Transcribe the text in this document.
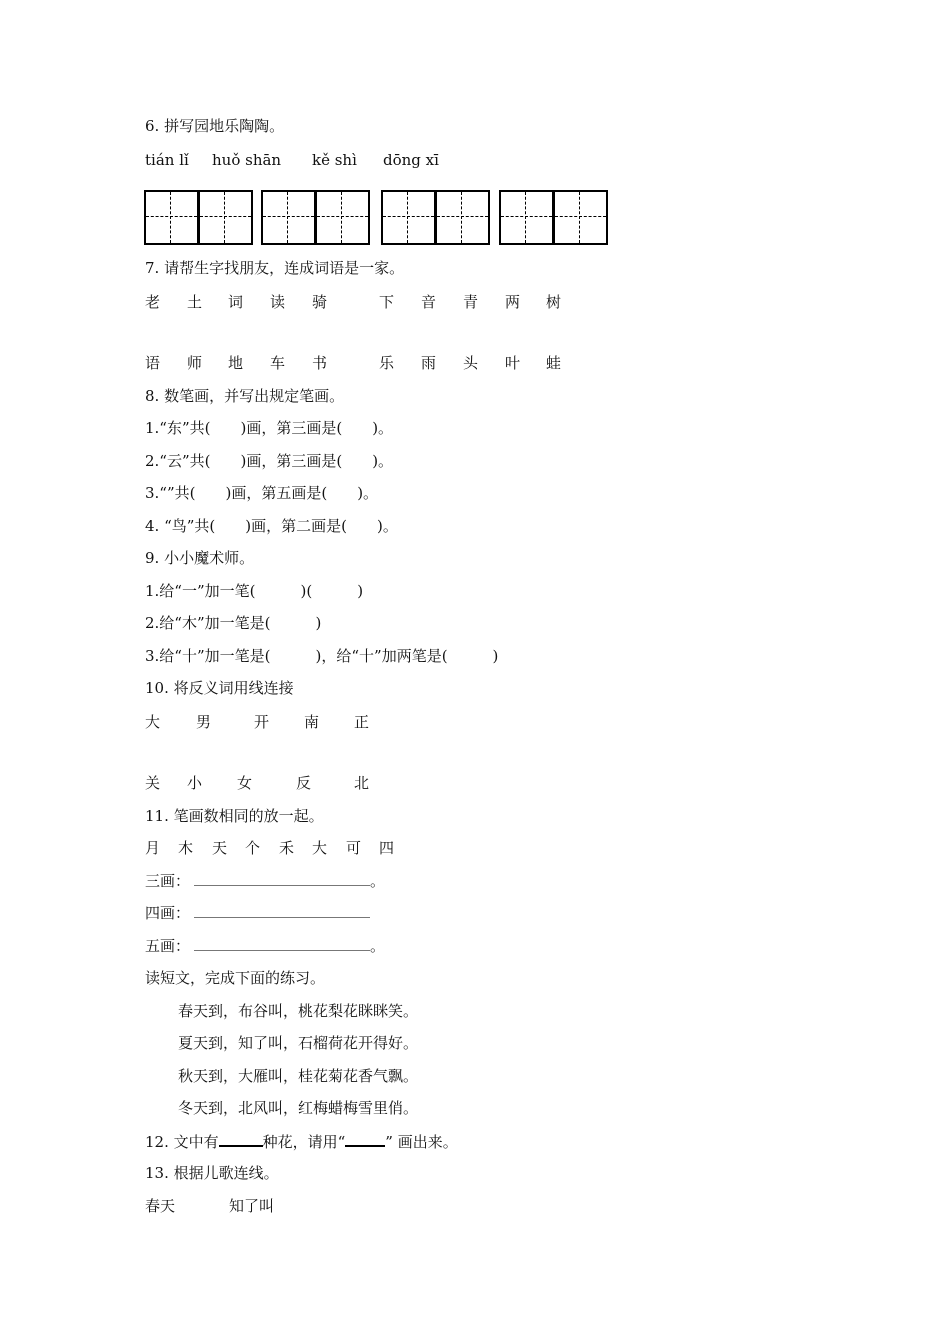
6. 拼写园地乐陶陶。
tián lǐ huǒ shān kě shì dōng xī
7. 请帮生字找朋友，连成词语是一家。
老 土 词 读 骑	下 音 青 两 树
语 师 地 车 书	乐 雨 头 叶 蛙
8. 数笔画，并写出规定笔画。
1.“东”共(　　)画，第三画是(　　)。
2.“云”共(　　)画，第三画是(　　)。
3.“”共(　　)画，第五画是(　　)。
4. “鸟”共(　　)画，第二画是(　　)。
9. 小小魔术师。
1.给“一”加一笔(　　　)(　　　)
2.给“木”加一笔是(　　　)
3.给“十”加一笔是(　　　)，给“十”加两笔是(　　　)
10. 将反义词用线连接
大 男	开 南 正
关 小 女	反	北
11. 笔画数相同的放一起。
月 木 天 个 禾 大 可 四
三画：	。
四画：
五画：	。
读短文，完成下面的练习。
春天到，布谷叫，桃花梨花眯眯笑。
夏天到，知了叫，石榴荷花开得好。
秋天到，大雁叫，桂花菊花香气飘。
冬天到，北风叫，红梅蜡梅雪里俏。
12. 文中有	种花，请用“	” 画出来。
13. 根据儿歌连线。
春天	知了叫
